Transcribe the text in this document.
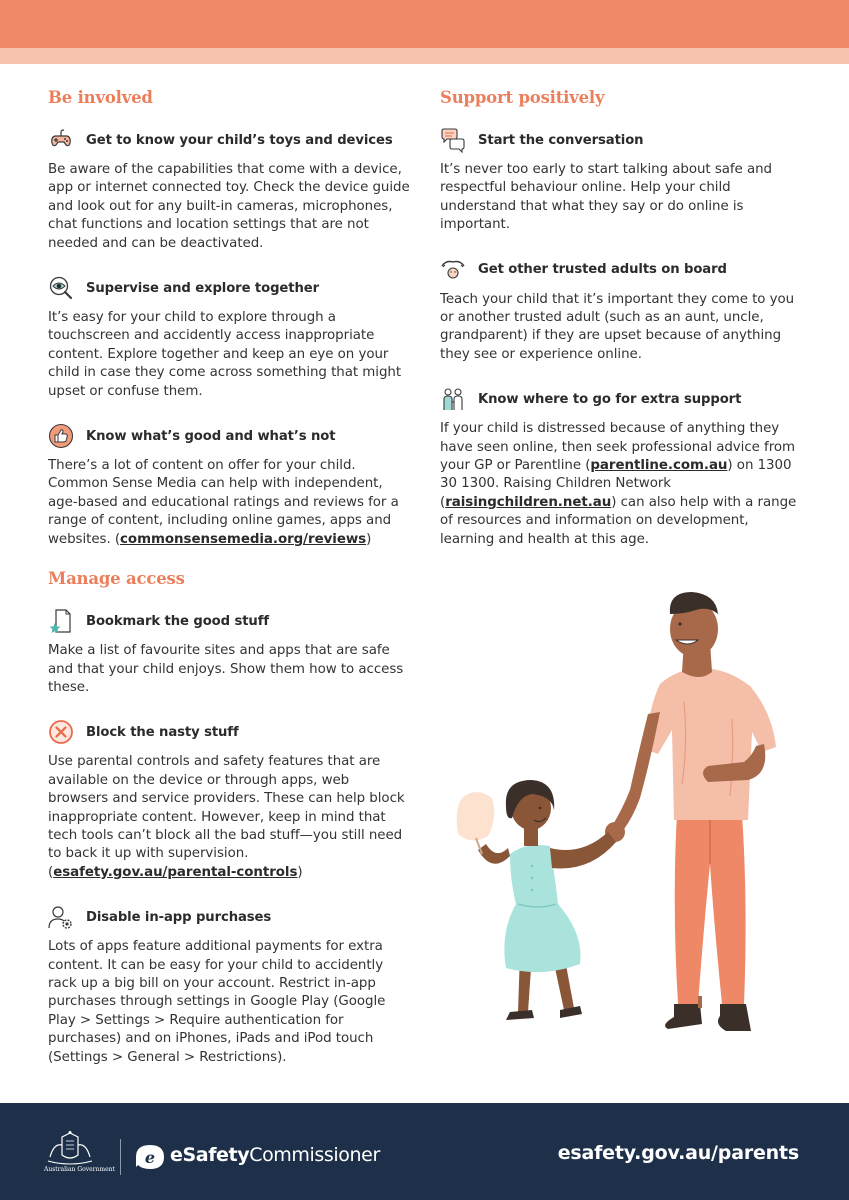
Be involved
Get to know your child’s toys and devices

Be aware of the capabilities that come with a device, app or internet connected toy. Check the device guide and look out for any built-in cameras, microphones, chat functions and location settings that are not needed and can be deactivated.

Supervise and explore together

It’s easy for your child to explore through a touchscreen and accidently access inappropriate content. Explore together and keep an eye on your child in case they come across something that might upset or confuse them.

Know what’s good and what’s not

There’s a lot of content on offer for your child. Common Sense Media can help with independent, age-based and educational ratings and reviews for a range of content, including online games, apps and websites. (commonsensemedia.org/reviews)

Manage access
Bookmark the good stuff

Make a list of favourite sites and apps that are safe and that your child enjoys. Show them how to access these.

Block the nasty stuff

Use parental controls and safety features that are available on the device or through apps, web browsers and service providers. These can help block inappropriate content. However, keep in mind that tech tools can’t block all the bad stuff—you still need to back it up with supervision. (esafety.gov.au/parental-controls)

Disable in-app purchases

Lots of apps feature additional payments for extra content. It can be easy for your child to accidently rack up a big bill on your account. Restrict in-app purchases through settings in Google Play (Google Play > Settings > Require authentication for purchases) and on iPhones, iPads and iPod touch (Settings > General > Restrictions).

Support positively
Start the conversation

It’s never too early to start talking about safe and respectful behaviour online. Help your child understand that what they say or do online is important.

Get other trusted adults on board

Teach your child that it’s important they come to you or another trusted adult (such as an aunt, uncle, grandparent) if they are upset because of anything they see or experience online.

Know where to go for extra support

If your child is distressed because of anything they have seen online, then seek professional advice from your GP or Parentline (parentline.com.au) on 1300 30 1300. Raising Children Network (raisingchildren.net.au) can also help with a range of resources and information on development, learning and health at this age.

Australian Government
e eSafetyCommissioner	esafety.gov.au/parents
